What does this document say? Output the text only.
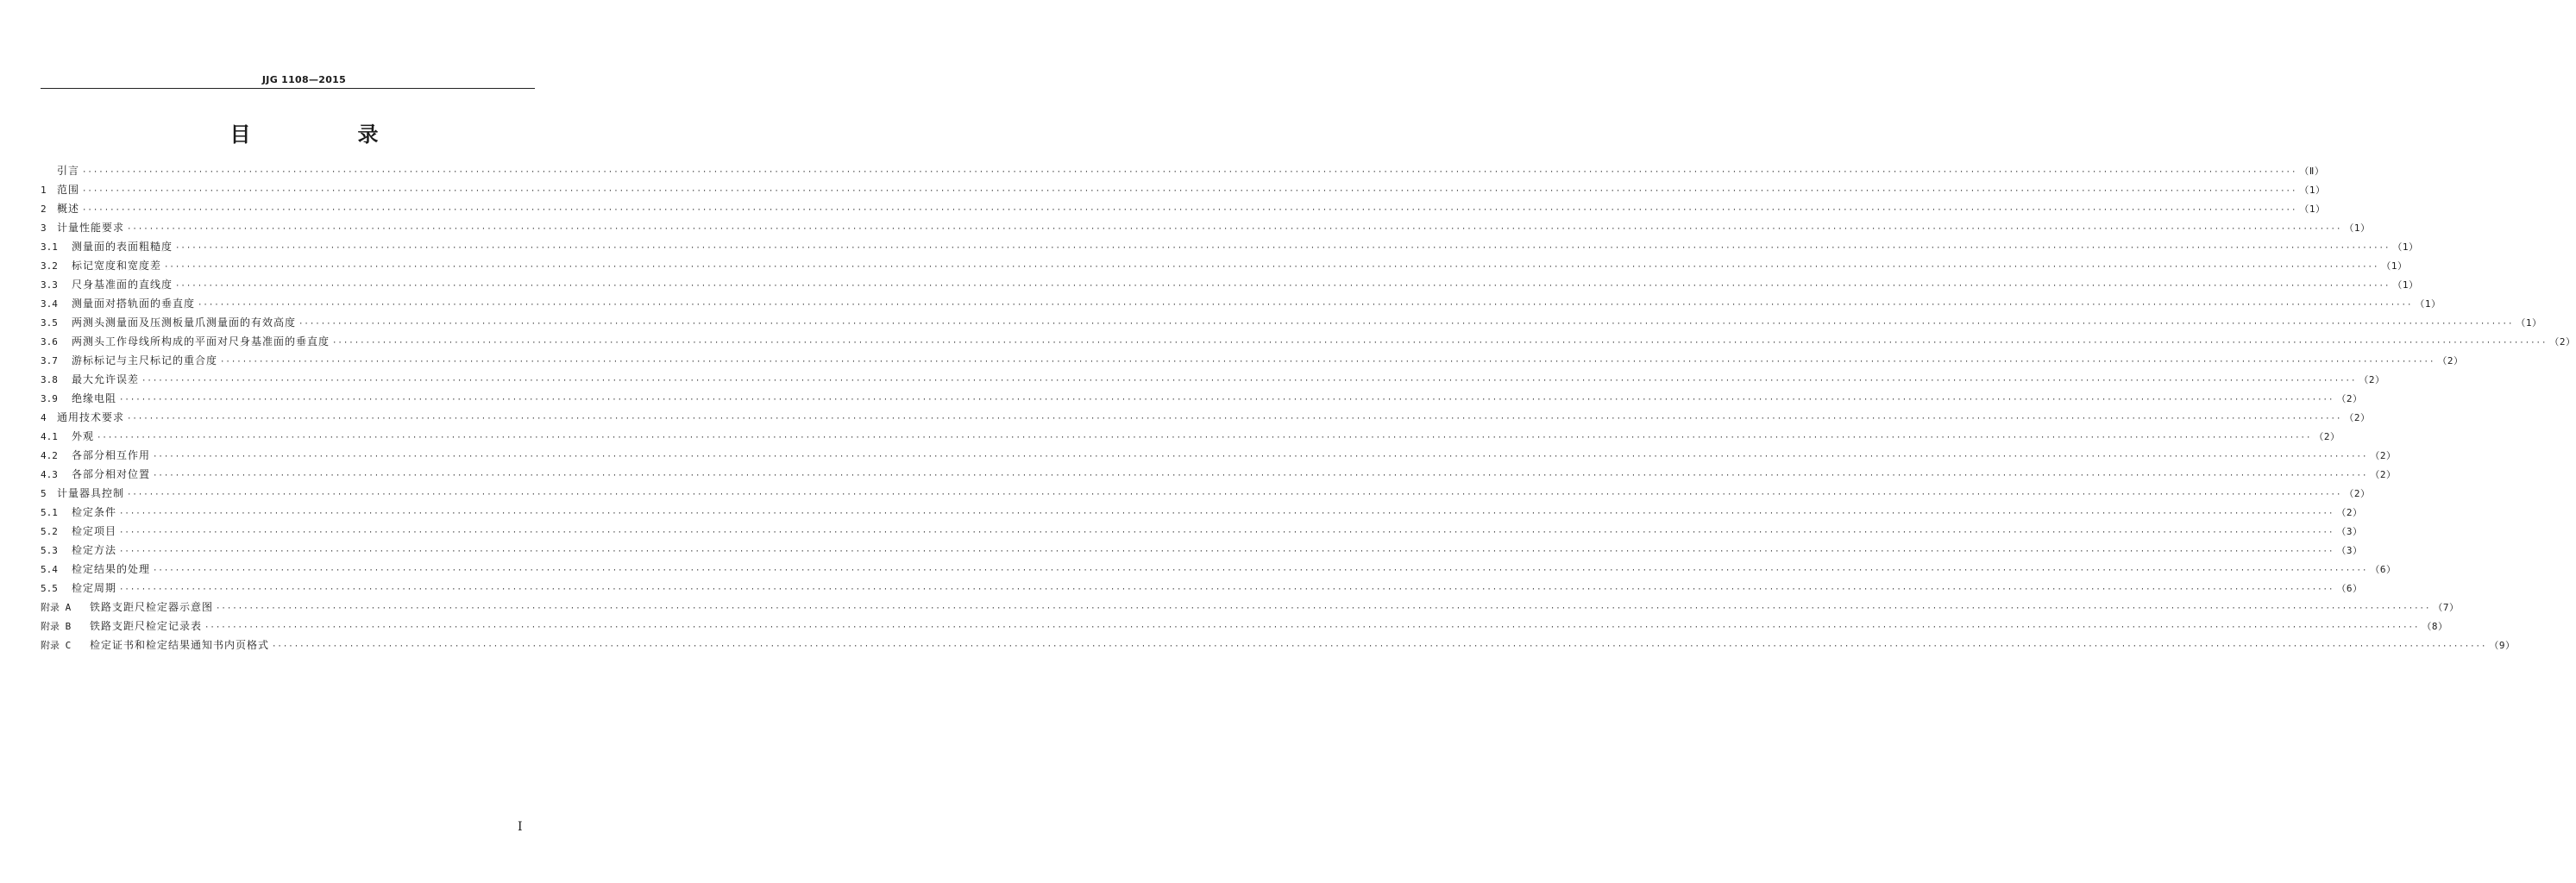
JJG 1108—2015
目　录
引言 ················································································································································································································································································································································································································ （Ⅱ）
1	范围 ················································································································································································································································································································································································································ （1）
2	概述 ················································································································································································································································································································································································································ （1）
3	计量性能要求 ················································································································································································································································································································································································································ （1）
3.1	测量面的表面粗糙度 ················································································································································································································································································································································································································ （1）
3.2	标记宽度和宽度差 ················································································································································································································································································································································································································ （1）
3.3	尺身基准面的直线度 ················································································································································································································································································································································································································ （1）
3.4	测量面对搭轨面的垂直度 ················································································································································································································································································································································································································ （1）
3.5	两测头测量面及压测板量爪测量面的有效高度 ················································································································································································································································································································································································································ （1）
3.6	两测头工作母线所构成的平面对尺身基准面的垂直度 ················································································································································································································································································································································································································ （2）
3.7	游标标记与主尺标记的重合度 ················································································································································································································································································································································································································ （2）
3.8	最大允许误差 ················································································································································································································································································································································································································ （2）
3.9	绝缘电阻 ················································································································································································································································································································································································································ （2）
4	通用技术要求 ················································································································································································································································································································································································································ （2）
4.1	外观 ················································································································································································································································································································································································································ （2）
4.2	各部分相互作用 ················································································································································································································································································································································································································ （2）
4.3	各部分相对位置 ················································································································································································································································································································································································································ （2）
5	计量器具控制 ················································································································································································································································································································································································································ （2）
5.1	检定条件 ················································································································································································································································································································································································································ （2）
5.2	检定项目 ················································································································································································································································································································································································································ （3）
5.3	检定方法 ················································································································································································································································································································································································································ （3）
5.4	检定结果的处理 ················································································································································································································································································································································································································ （6）
5.5	检定周期 ················································································································································································································································································································································································································ （6）
附录 A	铁路支距尺检定器示意图 ················································································································································································································································································································································································································ （7）
附录 B	铁路支距尺检定记录表 ················································································································································································································································································································································································································ （8）
附录 C	检定证书和检定结果通知书内页格式 ················································································································································································································································································································································································································ （9）
I
